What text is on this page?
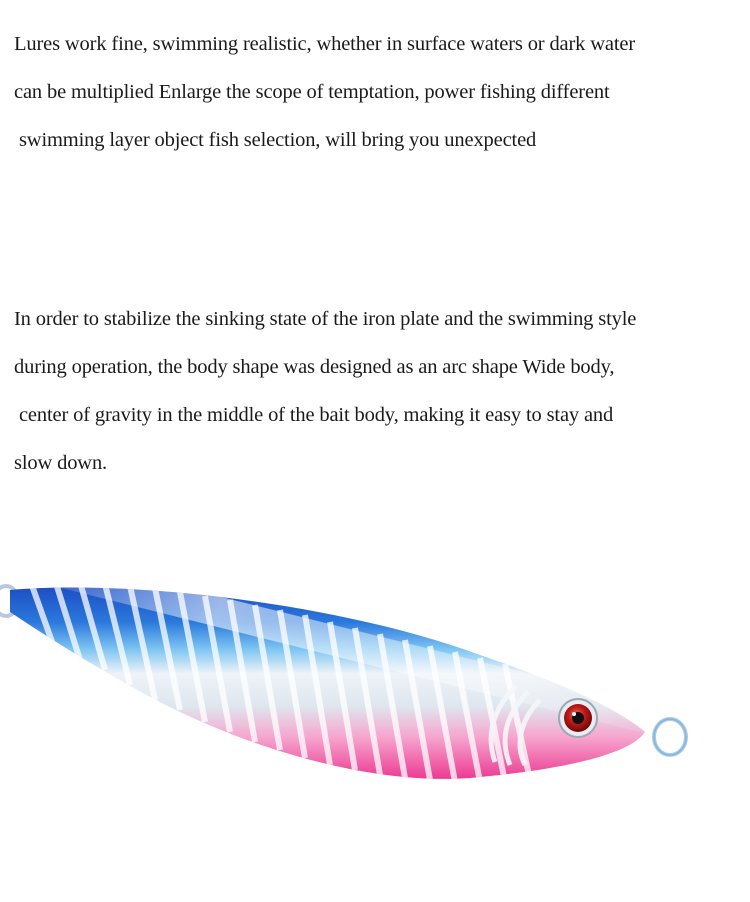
Lures work fine, swimming realistic, whether in surface waters or dark water
can be multiplied Enlarge the scope of temptation, power fishing different
swimming layer object fish selection, will bring you unexpected
In order to stabilize the sinking state of the iron plate and the swimming style
during operation, the body shape was designed as an arc shape Wide body,
center of gravity in the middle of the bait body, making it easy to stay and
slow down.
